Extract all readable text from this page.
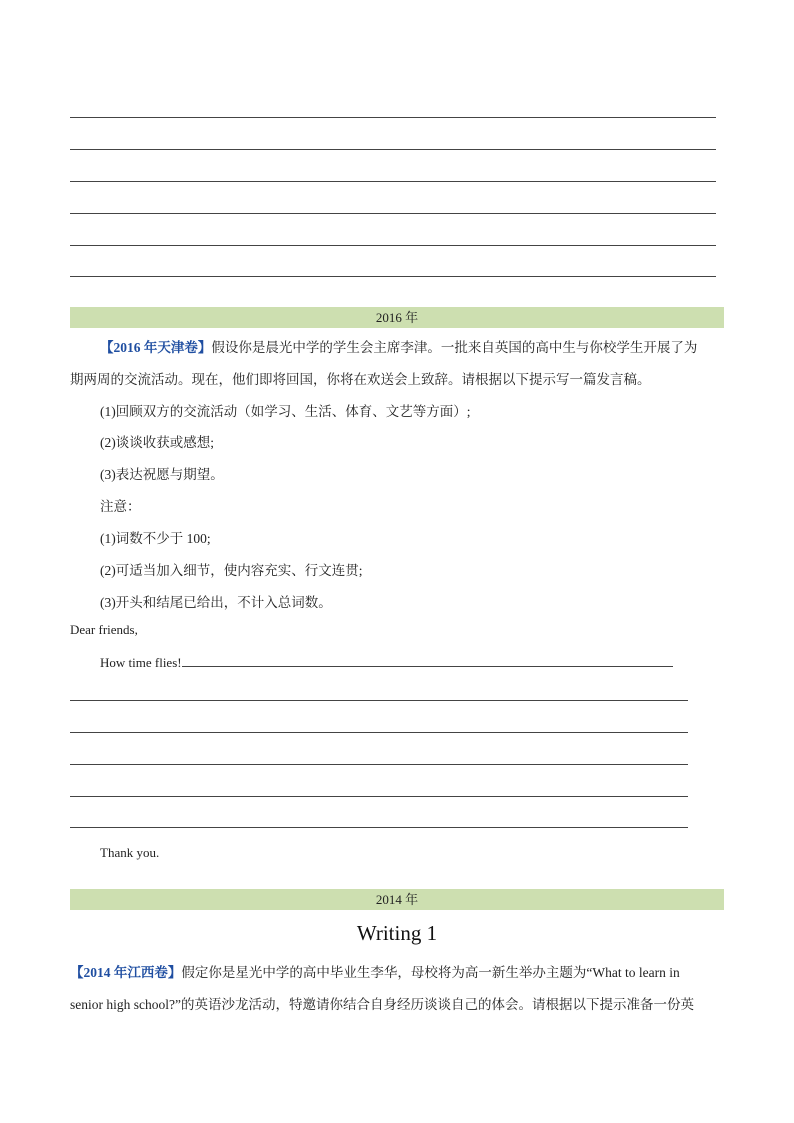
2016 年
【2016 年天津卷】假设你是晨光中学的学生会主席李津。一批来自英国的高中生与你校学生开展了为
期两周的交流活动。现在，他们即将回国，你将在欢送会上致辞。请根据以下提示写一篇发言稿。
(1)回顾双方的交流活动（如学习、生活、体育、文艺等方面）;
(2)谈谈收获或感想;
(3)表达祝愿与期望。
注意：
(1)词数不少于 100;
(2)可适当加入细节，使内容充实、行文连贯;
(3)开头和结尾已给出，不计入总词数。
Dear friends,
How time flies!
Thank you.
2014 年
Writing 1
【2014 年江西卷】假定你是星光中学的高中毕业生李华，母校将为高一新生举办主题为“What to learn in
senior high school?”的英语沙龙活动，特邀请你结合自身经历谈谈自己的体会。请根据以下提示准备一份英
